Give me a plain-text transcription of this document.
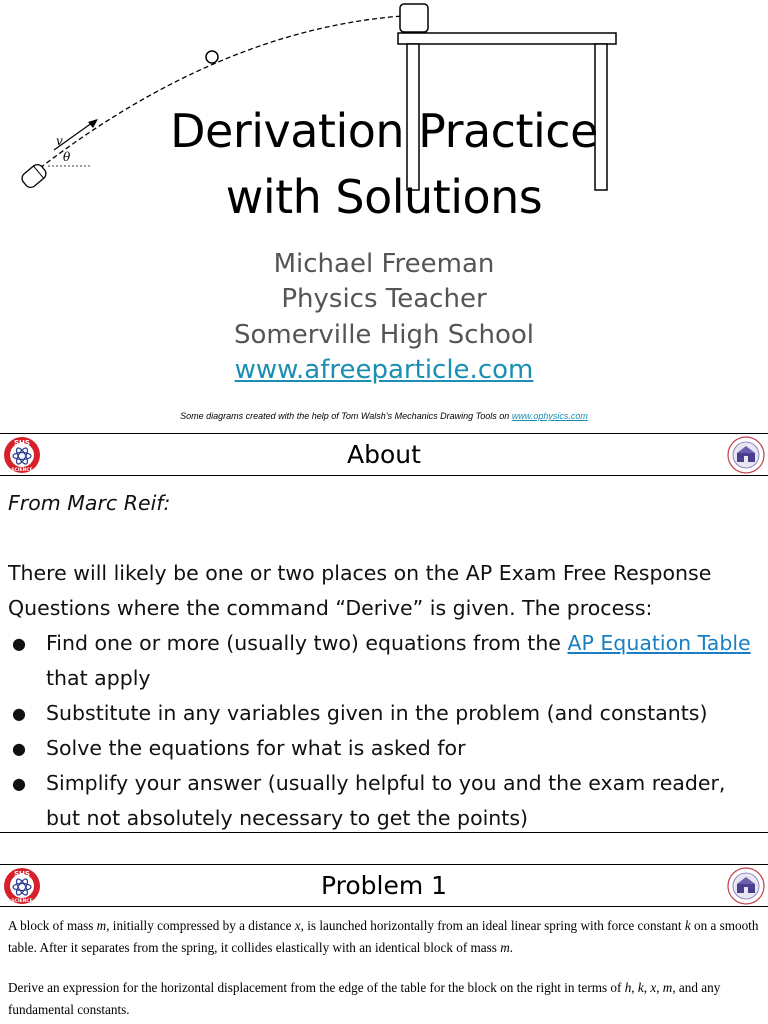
v
θ	Derivation Practice
with Solutions
Michael Freeman
Physics Teacher
Somerville High School
www.afreeparticle.com
Some diagrams created with the help of Tom Walsh’s Mechanics Drawing Tools on www.ophysics.com
SHS
SCIENCE
About
From Marc Reif:
There will likely be one or two places on the AP Exam Free Response Questions where the command “Derive” is given. The process:
● Find one or more (usually two) equations from the AP Equation Table that apply
● Substitute in any variables given in the problem (and constants)
● Solve the equations for what is asked for
● Simplify your answer (usually helpful to you and the exam reader, but not absolutely necessary to get the points)
SHS
SCIENCE
Problem 1

A block of mass m, initially compressed by a distance x, is launched horizontally from an ideal linear spring with force constant k on a smooth table. After it separates from the spring, it collides elastically with an identical block of mass m.

Derive an expression for the horizontal displacement from the edge of the table for the block on the right in terms of h, k, x, m, and any fundamental constants.
